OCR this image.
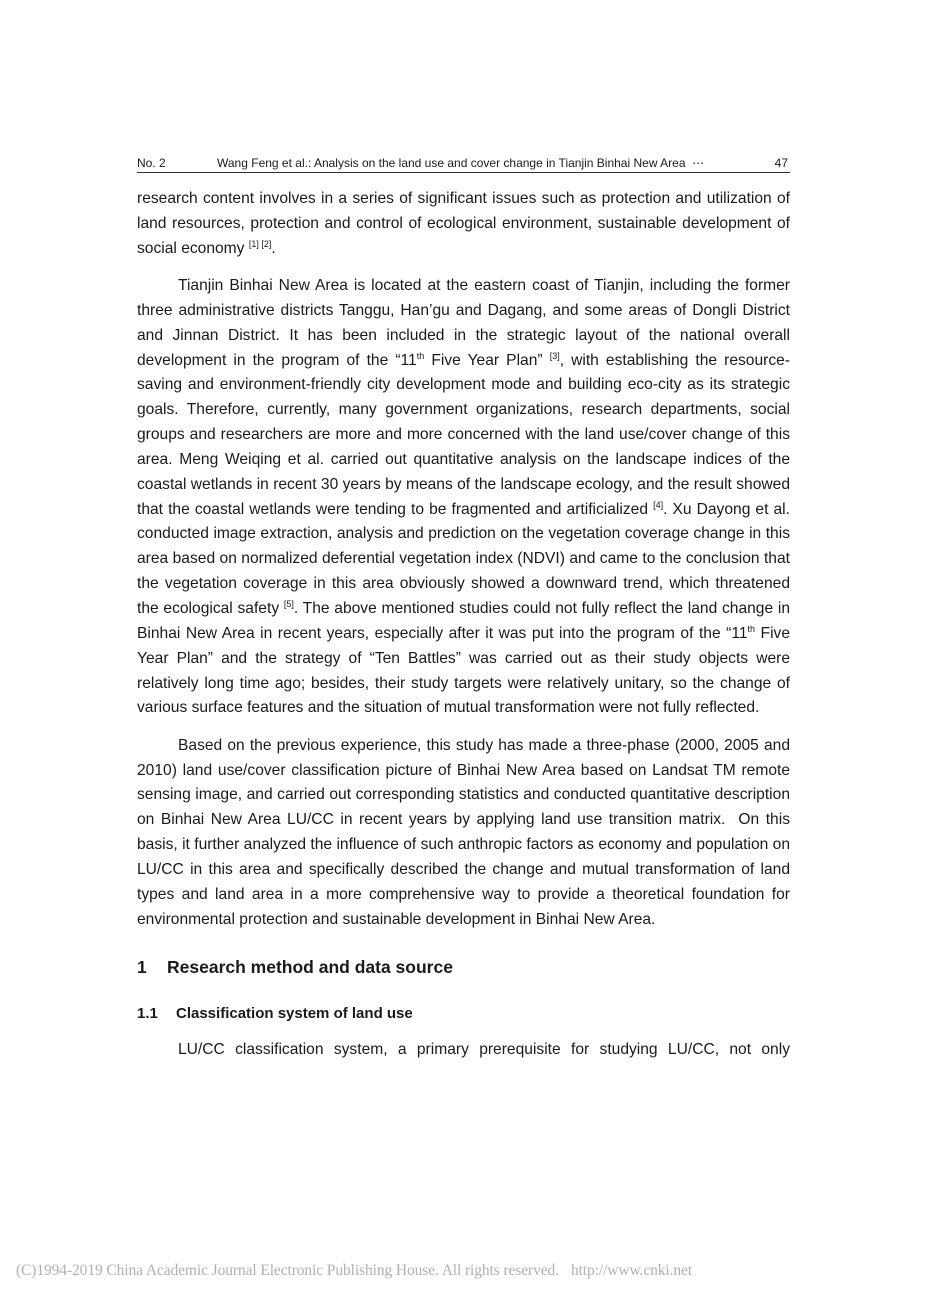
No. 2	Wang Feng et al.: Analysis on the land use and cover change in Tianjin Binhai New Area  ⋯	47

research content involves in a series of significant issues such as protection and utilization of land resources, protection and control of ecological environment, sustainable development of social economy [1] [2].

Tianjin Binhai New Area is located at the eastern coast of Tianjin, including the former three administrative districts Tanggu, Han’gu and Dagang, and some areas of Dongli District and Jinnan District. It has been included in the strategic layout of the national overall development in the program of the “11th Five Year Plan” [3], with establishing the resource-saving and environment-friendly city development mode and building eco-city as its strategic goals. Therefore, currently, many government organizations, research departments, social groups and researchers are more and more concerned with the land use/cover change of this area. Meng Weiqing et al. carried out quantitative analysis on the landscape indices of the coastal wetlands in recent 30 years by means of the landscape ecology, and the result showed that the coastal wetlands were tending to be fragmented and artificialized [4]. Xu Dayong et al. conducted image extraction, analysis and prediction on the vegetation coverage change in this area based on normalized deferential vegetation index (NDVI) and came to the conclusion that the vegetation coverage in this area obviously showed a downward trend, which threatened the ecological safety [5]. The above mentioned studies could not fully reflect the land change in Binhai New Area in recent years, especially after it was put into the program of the “11th Five Year Plan” and the strategy of “Ten Battles” was carried out as their study objects were relatively long time ago; besides, their study targets were relatively unitary, so the change of various surface features and the situation of mutual transformation were not fully reflected.

Based on the previous experience, this study has made a three-phase (2000, 2005 and 2010) land use/cover classification picture of Binhai New Area based on Landsat TM remote sensing image, and carried out corresponding statistics and conducted quantitative description on Binhai New Area LU/CC in recent years by applying land use transition matrix.  On this basis, it further analyzed the influence of such anthropic factors as economy and population on LU/CC in this area and specifically described the change and mutual transformation of land types and land area in a more comprehensive way to provide a theoretical foundation for environmental protection and sustainable development in Binhai New Area.

1	Research method and data source
1.1	Classification system of land use

LU/CC classification system, a primary prerequisite for studying LU/CC, not only

(C)1994-2019 China Academic Journal Electronic Publishing House. All rights reserved. http://www.cnki.net
